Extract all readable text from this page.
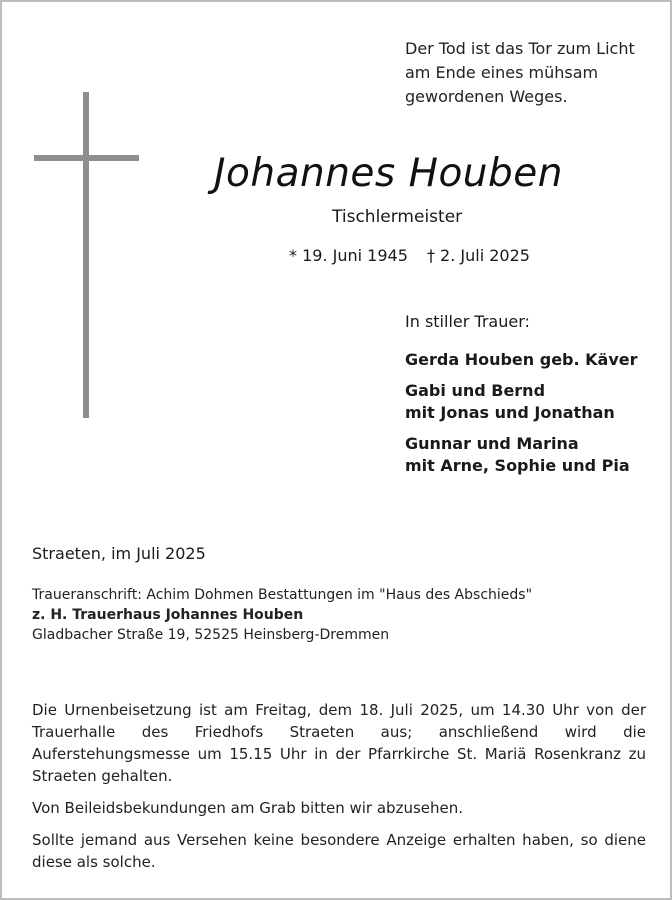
Der Tod ist das Tor zum Licht
am Ende eines mühsam
gewordenen Weges.
Johannes Houben
Tischlermeister
* 19. Juni 1945 † 2. Juli 2025
In stiller Trauer:
Gerda Houben geb. Käver
Gabi und Bernd
mit Jonas und Jonathan
Gunnar und Marina
mit Arne, Sophie und Pia
Straeten, im Juli 2025
Traueranschrift: Achim Dohmen Bestattungen im "Haus des Abschieds"
z. H. Trauerhaus Johannes Houben
Gladbacher Straße 19, 52525 Heinsberg-Dremmen

Die Urnenbeisetzung ist am Freitag, dem 18. Juli 2025, um 14.30 Uhr von der Trauerhalle des Friedhofs Straeten aus; anschließend wird die Auferstehungsmesse um 15.15 Uhr in der Pfarrkirche St. Mariä Rosenkranz zu Straeten gehalten.

Von Beileidsbekundungen am Grab bitten wir abzusehen.

Sollte jemand aus Versehen keine besondere Anzeige erhalten haben, so diene diese als solche.
